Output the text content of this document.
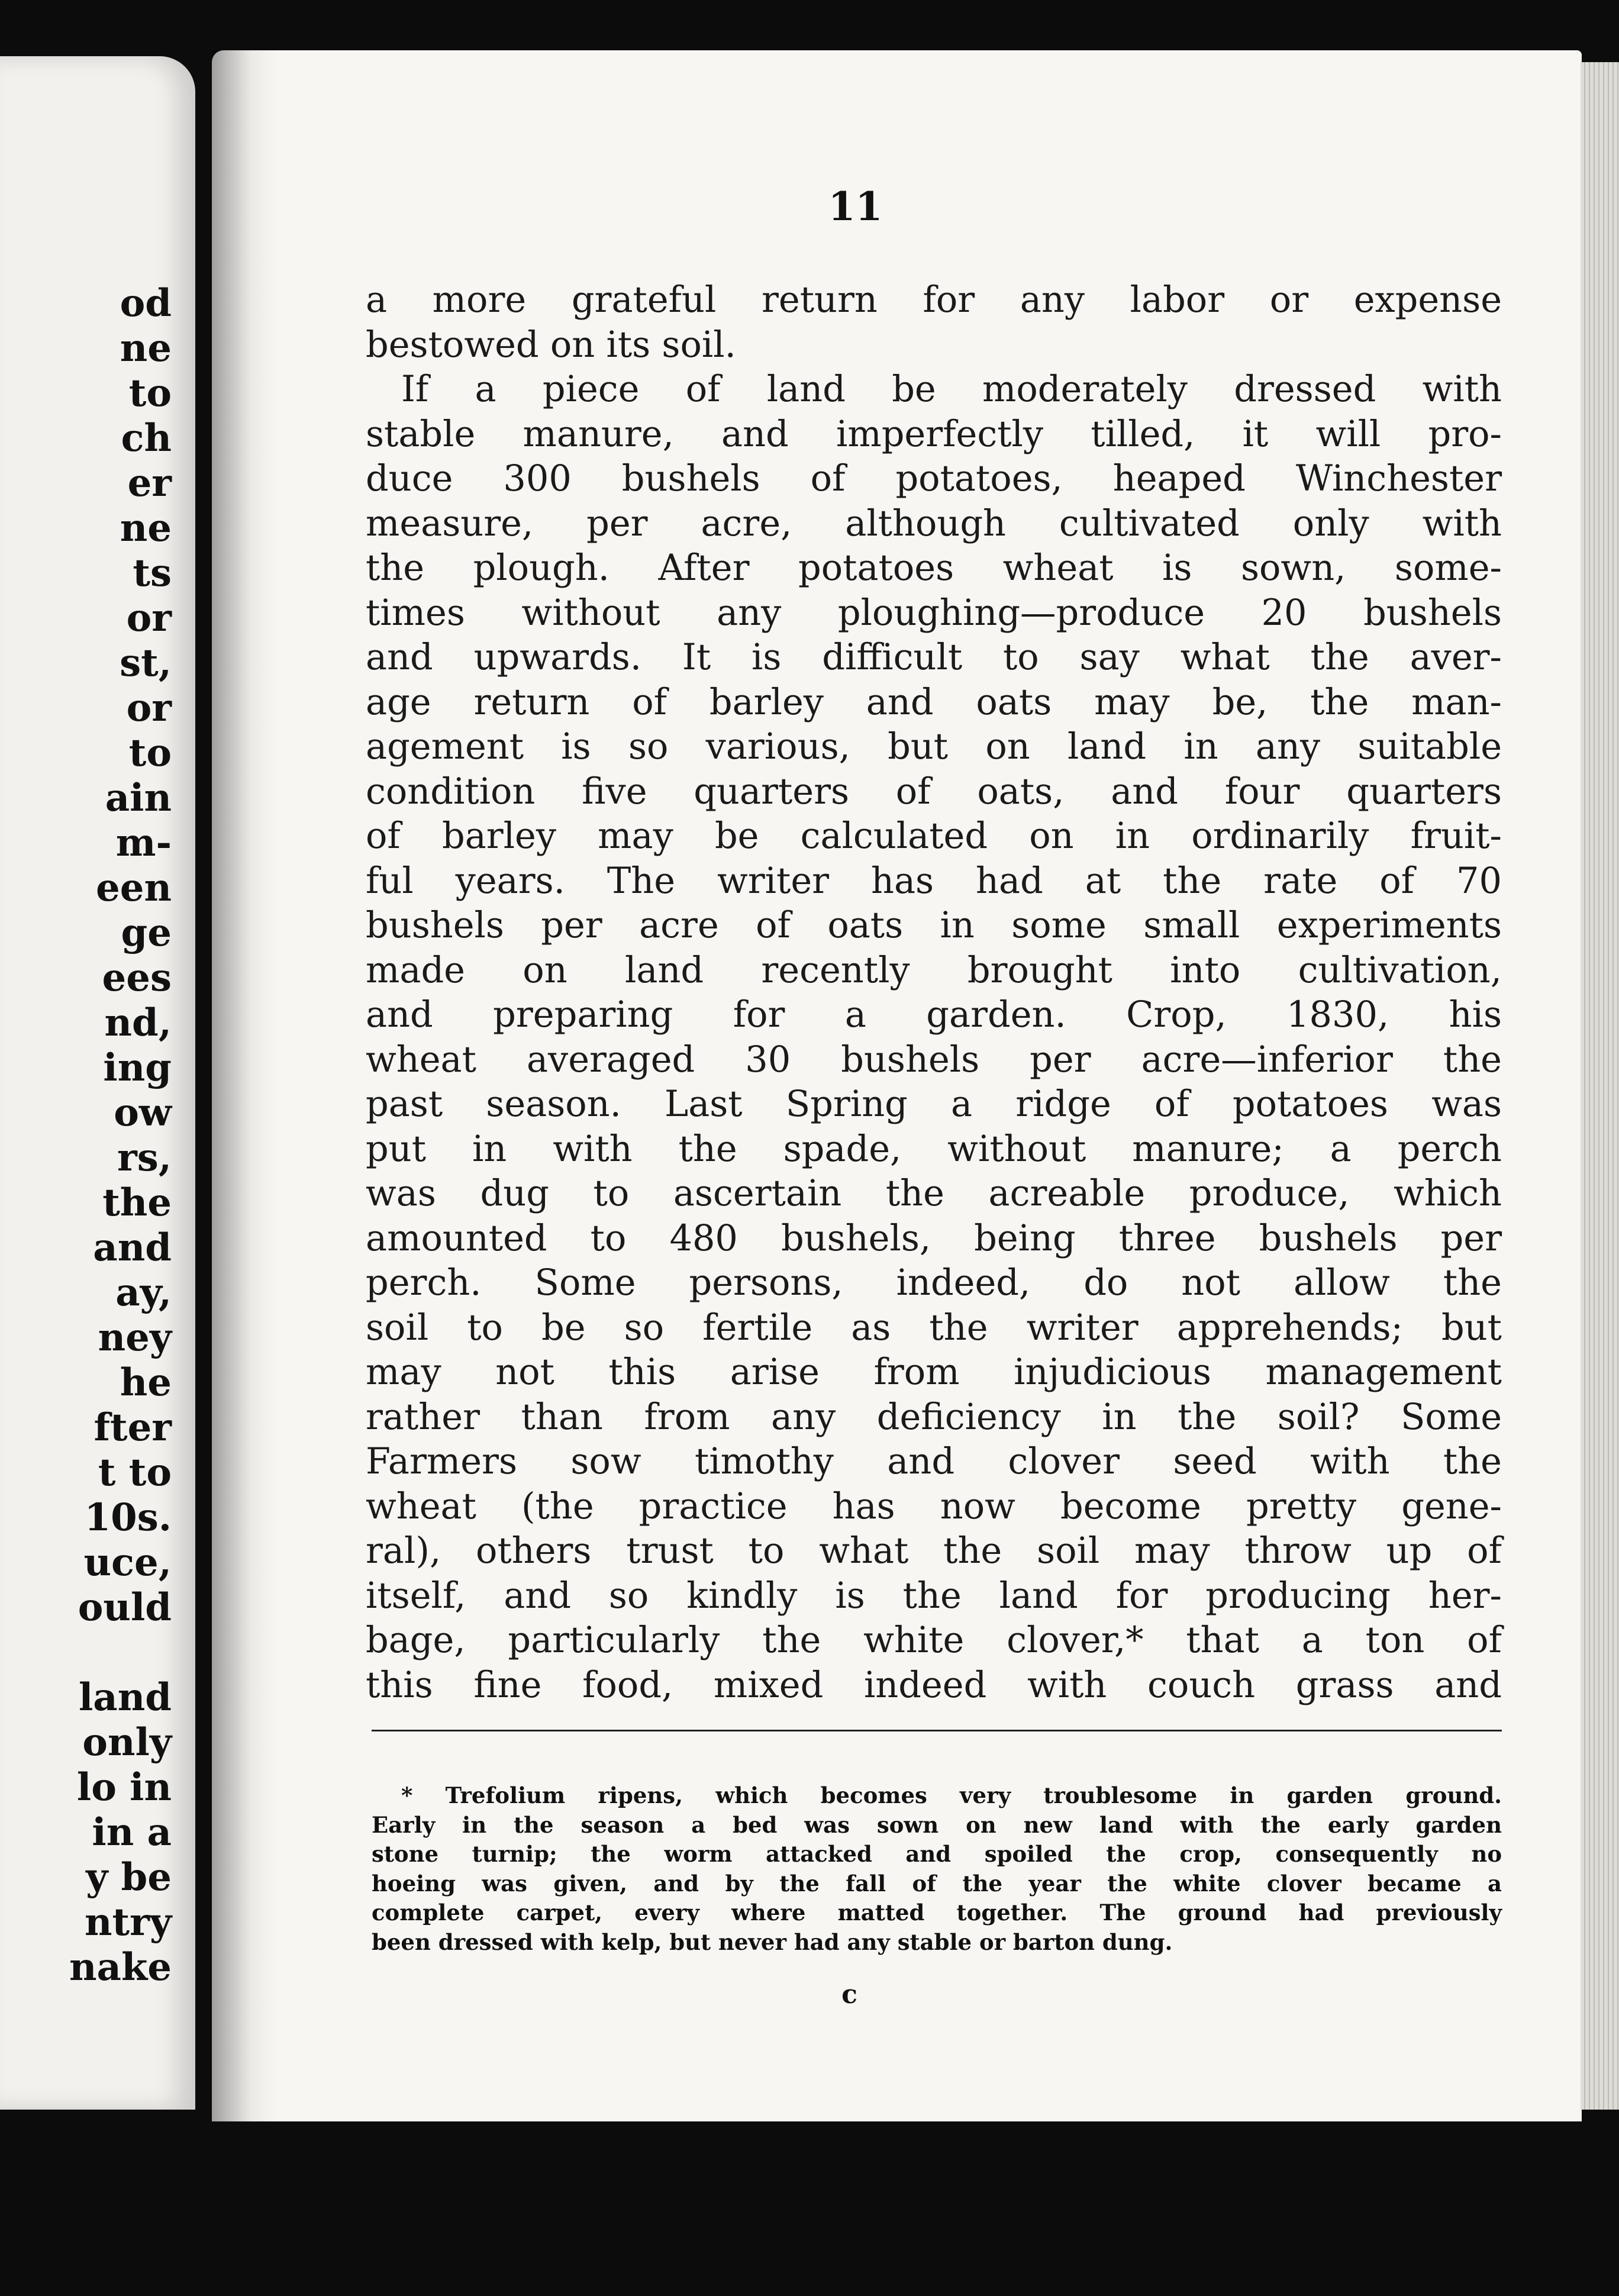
od
ne
to
ch
er
ne
ts
or
st,
or
to
ain
m-
een
ge
ees
nd,
ing
ow
rs,
the
and
ay,
ney
he
fter
t to
10s.
uce,
ould
land
only
lo in
in a
y be
ntry
nake
11
a more grateful return for any labor or expense
bestowed on its soil.
If a piece of land be moderately dressed with
stable manure, and imperfectly tilled, it will pro-
duce 300 bushels of potatoes, heaped Winchester
measure, per acre, although cultivated only with
the plough. After potatoes wheat is sown, some-
times without any ploughing—produce 20 bushels
and upwards. It is difficult to say what the aver-
age return of barley and oats may be, the man-
agement is so various, but on land in any suitable
condition five quarters of oats, and four quarters
of barley may be calculated on in ordinarily fruit-
ful years. The writer has had at the rate of 70
bushels per acre of oats in some small experiments
made on land recently brought into cultivation,
and preparing for a garden. Crop, 1830, his
wheat averaged 30 bushels per acre—inferior the
past season. Last Spring a ridge of potatoes was
put in with the spade, without manure; a perch
was dug to ascertain the acreable produce, which
amounted to 480 bushels, being three bushels per
perch. Some persons, indeed, do not allow the
soil to be so fertile as the writer apprehends; but
may not this arise from injudicious management
rather than from any deficiency in the soil? Some
Farmers sow timothy and clover seed with the
wheat (the practice has now become pretty gene-
ral), others trust to what the soil may throw up of
itself, and so kindly is the land for producing her-
bage, particularly the white clover,* that a ton of
this fine food, mixed indeed with couch grass and
* Trefolium ripens, which becomes very troublesome in garden ground.
Early in the season a bed was sown on new land with the early garden
stone turnip; the worm attacked and spoiled the crop, consequently no
hoeing was given, and by the fall of the year the white clover became a
complete carpet, every where matted together. The ground had previously
been dressed with kelp, but never had any stable or barton dung.
c
